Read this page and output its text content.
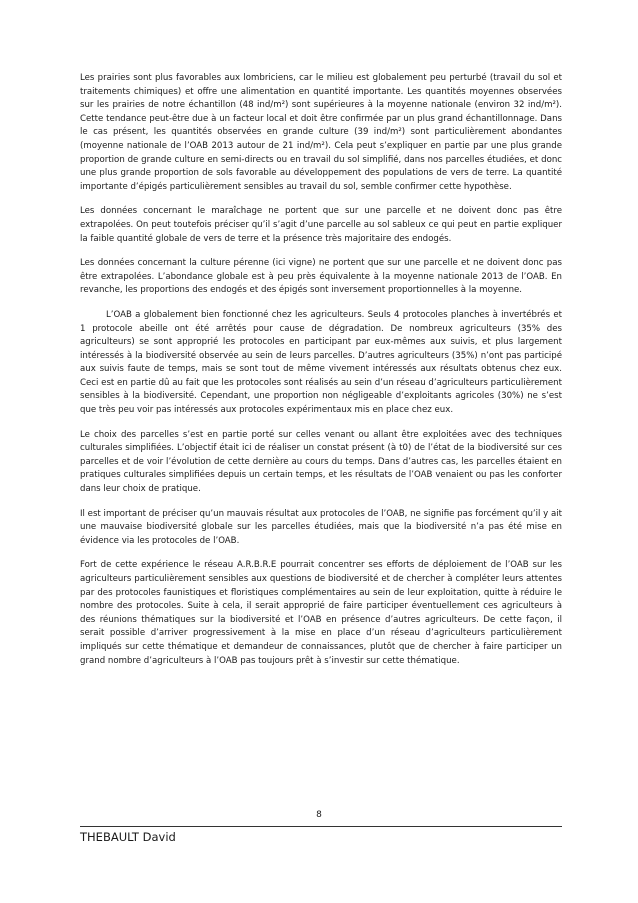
Les prairies sont plus favorables aux lombriciens, car le milieu est globalement peu perturbé (travail du sol et traitements chimiques) et offre une alimentation en quantité importante. Les quantités moyennes observées sur les prairies de notre échantillon (48 ind/m²) sont supérieures à la moyenne nationale (environ 32 ind/m²). Cette tendance peut-être due à un facteur local et doit être confirmée par un plus grand échantillonnage. Dans le cas présent, les quantités observées en grande culture (39 ind/m²) sont particulièrement abondantes (moyenne nationale de l’OAB 2013 autour de 21 ind/m²). Cela peut s’expliquer en partie par une plus grande proportion de grande culture en semi-directs ou en travail du sol simplifié, dans nos parcelles étudiées, et donc une plus grande proportion de sols favorable au développement des populations de vers de terre. La quantité importante d’épigés particulièrement sensibles au travail du sol, semble confirmer cette hypothèse.

Les données concernant le maraîchage ne portent que sur une parcelle et ne doivent donc pas être extrapolées. On peut toutefois préciser qu’il s’agit d’une parcelle au sol sableux ce qui peut en partie expliquer la faible quantité globale de vers de terre et la présence très majoritaire des endogés.

Les données concernant la culture pérenne (ici vigne) ne portent que sur une parcelle et ne doivent donc pas être extrapolées. L’abondance globale est à peu près équivalente à la moyenne nationale 2013 de l’OAB. En revanche, les proportions des endogés et des épigés sont inversement proportionnelles à la moyenne.

L’OAB a globalement bien fonctionné chez les agriculteurs. Seuls 4 protocoles planches à invertébrés et 1 protocole abeille ont été arrêtés pour cause de dégradation. De nombreux agriculteurs (35% des agriculteurs) se sont approprié les protocoles en participant par eux-mêmes aux suivis, et plus largement intéressés à la biodiversité observée au sein de leurs parcelles. D’autres agriculteurs (35%) n’ont pas participé aux suivis faute de temps, mais se sont tout de même vivement intéressés aux résultats obtenus chez eux. Ceci est en partie dû au fait que les protocoles sont réalisés au sein d’un réseau d’agriculteurs particulièrement sensibles à la biodiversité. Cependant, une proportion non négligeable d’exploitants agricoles (30%) ne s’est que très peu voir pas intéressés aux protocoles expérimentaux mis en place chez eux.

Le choix des parcelles s’est en partie porté sur celles venant ou allant être exploitées avec des techniques culturales simplifiées. L’objectif était ici de réaliser un constat présent (à t0) de l’état de la biodiversité sur ces parcelles et de voir l’évolution de cette dernière au cours du temps. Dans d’autres cas, les parcelles étaient en pratiques culturales simplifiées depuis un certain temps, et les résultats de l’OAB venaient ou pas les conforter dans leur choix de pratique.

Il est important de préciser qu’un mauvais résultat aux protocoles de l’OAB, ne signifie pas forcément qu’il y ait une mauvaise biodiversité globale sur les parcelles étudiées, mais que la biodiversité n’a pas été mise en évidence via les protocoles de l’OAB.

Fort de cette expérience le réseau A.R.B.R.E pourrait concentrer ses efforts de déploiement de l’OAB sur les agriculteurs particulièrement sensibles aux questions de biodiversité et de chercher à compléter leurs attentes par des protocoles faunistiques et floristiques complémentaires au sein de leur exploitation, quitte à réduire le nombre des protocoles. Suite à cela, il serait approprié de faire participer éventuellement ces agriculteurs à des réunions thématiques sur la biodiversité et l’OAB en présence d’autres agriculteurs. De cette façon, il serait possible d’arriver progressivement à la mise en place d’un réseau d’agriculteurs particulièrement impliqués sur cette thématique et demandeur de connaissances, plutôt que de chercher à faire participer un grand nombre d’agriculteurs à l’OAB pas toujours prêt à s’investir sur cette thématique.

8
THEBAULT David
